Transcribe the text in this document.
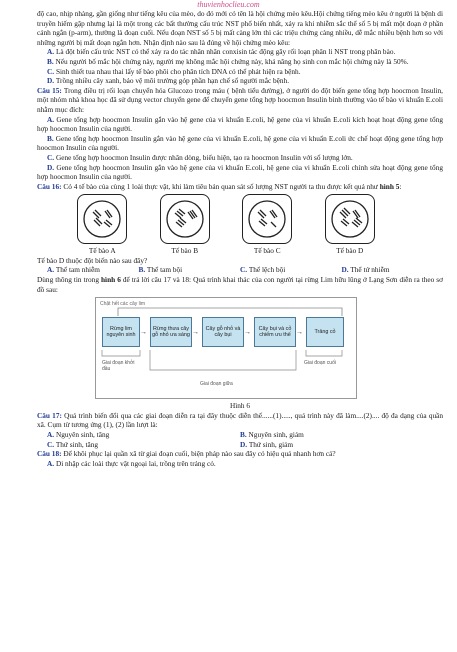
thuvienhoclieu.com

độ cao, nhịp nhàng, gần giống như tiếng kêu của mèo, do đó mới có tên là hội chứng mèo kêu.Hội chứng tiếng mèo kêu ở người là bệnh di truyền hiếm gặp nhưng lại là một trong các bất thường cấu trúc NST phổ biến nhất, xảy ra khi nhiễm sắc thể số 5 bị mất một đoạn ở phần cánh ngắn (p-arm), thường là đoạn cuối. Nếu đoạn NST số 5 bị mất càng lớn thì các triệu chứng càng nhiều, dễ mắc nhiều bệnh hơn so với những người bị mất đoạn ngắn hơn. Nhận định nào sau là đúng về hội chứng mèo kêu:

A. Là đột biến cấu trúc NST có thể xảy ra do tác nhân nhân conxisin tác động gây rối loạn phân li NST trong phân bào.

B. Nếu người bố mắc hội chứng này, người mẹ không mắc hội chứng này, khả năng họ sinh con mắc hội chứng này là 50%.

C. Sinh thiết tua nhau thai lấy tế bào phôi cho phân tích DNA có thể phát hiện ra bệnh.

D. Trồng nhiều cây xanh, bảo vệ môi trường góp phần hạn chế số người mắc bệnh.

Câu 15: Trong điều trị rối loạn chuyển hóa Glucozo trong máu ( bệnh tiểu đường), ở người do đột biến gene tổng hợp hoocmon Insulin, một nhóm nhà khoa học đã sử dụng vector chuyển gene để chuyển gene tổng hợp hoocmon Insulin bình thường vào tế bào vi khuẩn E.coli nhằm mục đích:

A. Gene tổng hợp hoocmon Insulin gắn vào hệ gene của vi khuẩn E.coli, hệ gene của vi khuẩn E.coli kích hoạt hoạt động gene tổng hợp hoocmon Insulin của người.

B. Gene tổng hợp hoocmon Insulin gắn vào hệ gene của vi khuẩn E.coli, hệ gene của vi khuẩn E.coli ức chế hoạt động gene tổng hợp hoocmon Insulin của người.

C. Gene tổng hợp hoocmon Insulin được nhân dòng, biểu hiện, tạo ra hoocmon Insulin với số lượng lớn.

D. Gene tổng hợp hoocmon Insulin gắn vào hệ gene của vi khuẩn E.coli, hệ gene của vi khuẩn E.coli chỉnh sửa hoạt động gene tổng hợp hoocmon Insulin của người.

Câu 16: Có 4 tế bào của cùng 1 loài thực vật, khi làm tiêu bản quan sát số lượng NST người ta thu được kết quả như hình 5:

Tế bào A	Tế bào B	Tế bào C	Tế bào D

Tế bào D thuộc đột biến nào sau đây?

A. Thể tam nhiễm	B. Thể tam bội	C. Thể lệch bội	D. Thể tứ nhiễm

Dùng thông tin trong hình 6 để trả lời câu 17 và 18: Quá trình khai thác của con người tại rừng Lim hữu lũng ở Lạng Sơn diễn ra theo sơ đồ sau:

Chặt hết các cây lim
Rừng lim nguyên sinh →	Rừng thưa cây gỗ nhỏ ưa sáng →	Cây gỗ nhỏ và cây bụi	→	Cây bụi và cỏ chiếm ưu thế →	Trảng cỏ
Giai đoạn khởi đầu
Giai đoạn giữa
Giai đoạn cuối

Hình 6

Câu 17: Quá trình biến đổi qua các giai đoạn diễn ra tại đây thuộc diễn thế......(1)....., quá trình này đã làm....(2).... độ đa dạng của quần xã. Cụm từ tương ứng (1), (2) lần lượt là:

A. Nguyên sinh, tăng	B. Nguyên sinh, giảm
C. Thứ sinh, tăng	D. Thứ sinh, giảm

Câu 18: Để khôi phục lại quần xã từ giai đoạn cuối, biện pháp nào sau đây có hiệu quả nhanh hơn cả?

A. Di nhập các loài thực vật ngoại lai, trồng trên trảng cỏ.
